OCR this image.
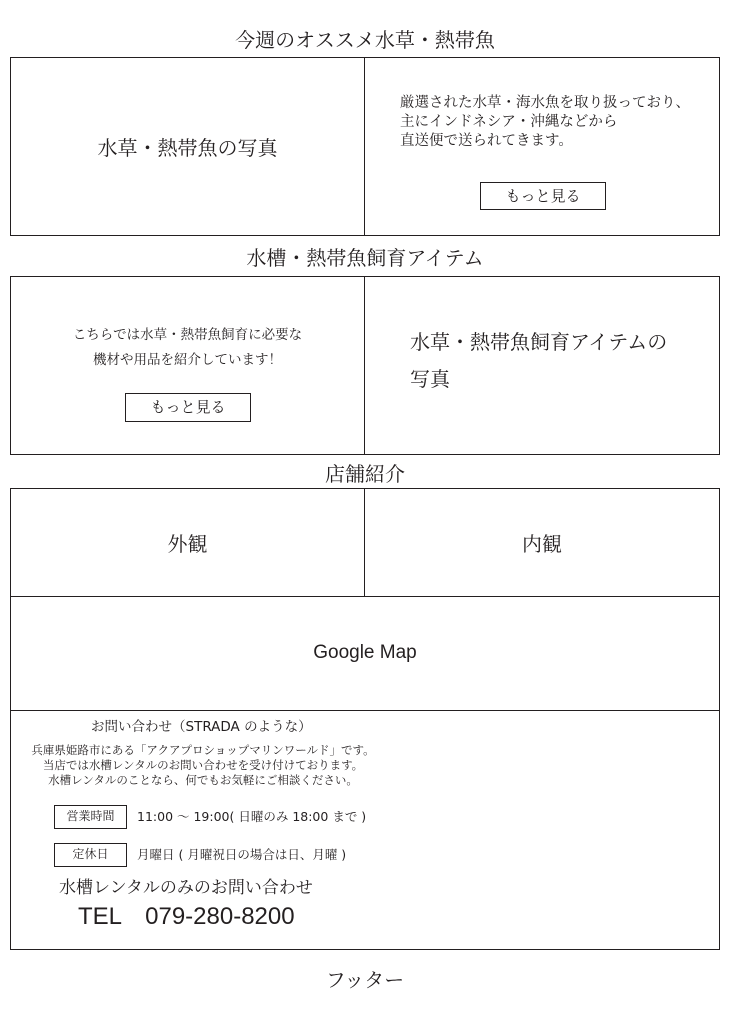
今週のオススメ水草・熱帯魚
水草・熱帯魚の写真
厳選された水草・海水魚を取り扱っており、
主にインドネシア・沖縄などから
直送便で送られてきます。
もっと見る
水槽・熱帯魚飼育アイテム
こちらでは水草・熱帯魚飼育に必要な
機材や用品を紹介しています！
もっと見る
水草・熱帯魚飼育アイテムの
写真
店舗紹介
外観	内観
Google Map
お問い合わせ（STRADA のような）
兵庫県姫路市にある「アクアプロショップマリンワールド」です。
当店では水槽レンタルのお問い合わせを受け付けております。
水槽レンタルのことなら、何でもお気軽にご相談ください。
営業時間	11:00 〜 19:00( 日曜のみ 18:00 まで )
定休日	月曜日 ( 月曜祝日の場合は日、月曜 )
水槽レンタルのみのお問い合わせ
TEL　079-280-8200
フッター
